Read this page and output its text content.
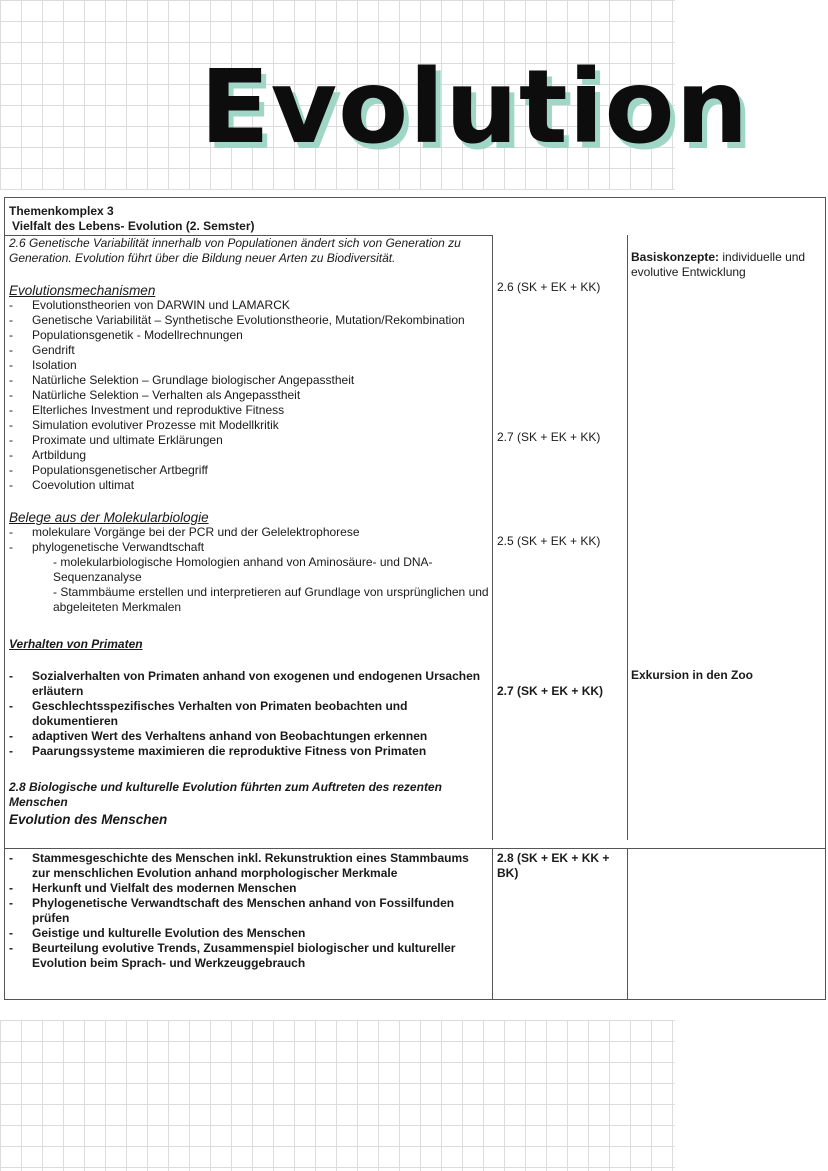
Evolution
Themenkomplex 3
Vielfalt des Lebens- Evolution (2. Semster)
2.6 Genetische Variabilität innerhalb von Populationen ändert sich von Generation zu Generation. Evolution führt über die Bildung neuer Arten zu Biodiversität.
Evolutionsmechanismen
- Evolutionstheorien von DARWIN und LAMARCK
- Genetische Variabilität – Synthetische Evolutionstheorie, Mutation/Rekombination
- Populationsgenetik - Modellrechnungen
- Gendrift
- Isolation
- Natürliche Selektion – Grundlage biologischer Angepasstheit
- Natürliche Selektion – Verhalten als Angepasstheit
- Elterliches Investment und reproduktive Fitness
- Simulation evolutiver Prozesse mit Modellkritik
- Proximate und ultimate Erklärungen
- Artbildung
- Populationsgenetischer Artbegriff
- Coevolution ultimat
Belege aus der Molekularbiologie
- molekulare Vorgänge bei der PCR und der Gelelektrophorese
- phylogenetische Verwandtschaft
- molekularbiologische Homologien anhand von Aminosäure- und DNA-Sequenzanalyse
- Stammbäume erstellen und interpretieren auf Grundlage von ursprünglichen und abgeleiteten Merkmalen
Verhalten von Primaten
- Sozialverhalten von Primaten anhand von exogenen und endogenen Ursachen erläutern
- Geschlechtsspezifisches Verhalten von Primaten beobachten und dokumentieren
- adaptiven Wert des Verhaltens anhand von Beobachtungen erkennen
- Paarungssysteme maximieren die reproduktive Fitness von Primaten
2.8 Biologische und kulturelle Evolution führten zum Auftreten des rezenten Menschen
Evolution des Menschen
- Stammesgeschichte des Menschen inkl. Rekunstruktion eines Stammbaums zur menschlichen Evolution anhand morphologischer Merkmale
- Herkunft und Vielfalt des modernen Menschen
- Phylogenetische Verwandtschaft des Menschen anhand von Fossilfunden prüfen
- Geistige und kulturelle Evolution des Menschen
- Beurteilung evolutive Trends, Zusammenspiel biologischer und kultureller Evolution beim Sprach- und Werkzeuggebrauch
2.6 (SK + EK + KK)
2.7 (SK + EK + KK)
2.5 (SK + EK + KK)
2.7 (SK + EK + KK)
2.8 (SK + EK + KK + BK)
Basiskonzepte: individuelle und evolutive Entwicklung
Exkursion in den Zoo
